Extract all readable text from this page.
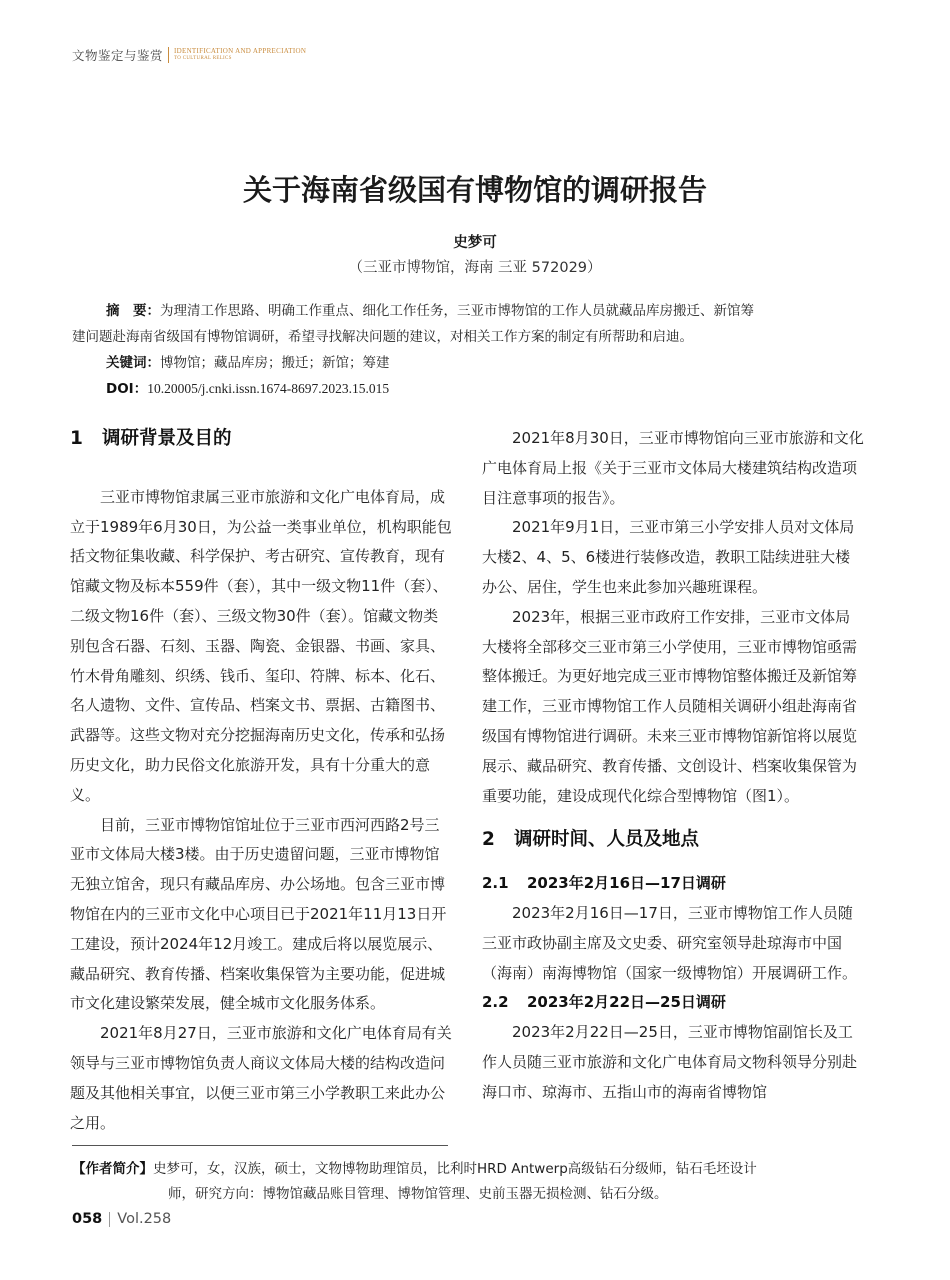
文物鉴定与鉴赏 IDENTIFICATION AND APPRECIATION
TO CULTURAL RELICS
关于海南省级国有博物馆的调研报告
史梦可
（三亚市博物馆，海南 三亚 572029）

摘　要：为理清工作思路、明确工作重点、细化工作任务，三亚市博物馆的工作人员就藏品库房搬迁、新馆筹

建问题赴海南省级国有博物馆调研，希望寻找解决问题的建议，对相关工作方案的制定有所帮助和启迪。

关键词：博物馆；藏品库房；搬迁；新馆；筹建

DOI：10.20005/j.cnki.issn.1674-8697.2023.15.015

1	调研背景及目的

三亚市博物馆隶属三亚市旅游和文化广电体育局，成立于1989年6月30日，为公益一类事业单位，机构职能包括文物征集收藏、科学保护、考古研究、宣传教育，现有馆藏文物及标本559件（套），其中一级文物11件（套）、二级文物16件（套）、三级文物30件（套）。馆藏文物类别包含石器、石刻、玉器、陶瓷、金银器、书画、家具、竹木骨角雕刻、织绣、钱币、玺印、符牌、标本、化石、名人遗物、文件、宣传品、档案文书、票据、古籍图书、武器等。这些文物对充分挖掘海南历史文化，传承和弘扬历史文化，助力民俗文化旅游开发，具有十分重大的意义。

目前，三亚市博物馆馆址位于三亚市西河西路2号三亚市文体局大楼3楼。由于历史遗留问题，三亚市博物馆无独立馆舍，现只有藏品库房、办公场地。包含三亚市博物馆在内的三亚市文化中心项目已于2021年11月13日开工建设，预计2024年12月竣工。建成后将以展览展示、藏品研究、教育传播、档案收集保管为主要功能，促进城市文化建设繁荣发展，健全城市文化服务体系。

2021年8月27日，三亚市旅游和文化广电体育局有关领导与三亚市博物馆负责人商议文体局大楼的结构改造问题及其他相关事宜，以便三亚市第三小学教职工来此办公之用。

2021年8月30日，三亚市博物馆向三亚市旅游和文化广电体育局上报《关于三亚市文体局大楼建筑结构改造项目注意事项的报告》。

2021年9月1日，三亚市第三小学安排人员对文体局大楼2、4、5、6楼进行装修改造，教职工陆续进驻大楼办公、居住，学生也来此参加兴趣班课程。

2023年，根据三亚市政府工作安排，三亚市文体局大楼将全部移交三亚市第三小学使用，三亚市博物馆亟需整体搬迁。为更好地完成三亚市博物馆整体搬迁及新馆筹建工作，三亚市博物馆工作人员随相关调研小组赴海南省级国有博物馆进行调研。未来三亚市博物馆新馆将以展览展示、藏品研究、教育传播、文创设计、档案收集保管为重要功能，建设成现代化综合型博物馆（图1）。

2	调研时间、人员及地点
2.1	2023年2月16日—17日调研

2023年2月16日—17日，三亚市博物馆工作人员随三亚市政协副主席及文史委、研究室领导赴琼海市中国（海南）南海博物馆（国家一级博物馆）开展调研工作。

2.2	2023年2月22日—25日调研

2023年2月22日—25日，三亚市博物馆副馆长及工作人员随三亚市旅游和文化广电体育局文物科领导分别赴海口市、琼海市、五指山市的海南省博物馆

【作者简介】史梦可，女，汉族，硕士，文物博物助理馆员，比利时HRD Antwerp高级钻石分级师，钻石毛坯设计
师，研究方向：博物馆藏品账目管理、博物馆管理、史前玉器无损检测、钻石分级。
058 Vol.258
